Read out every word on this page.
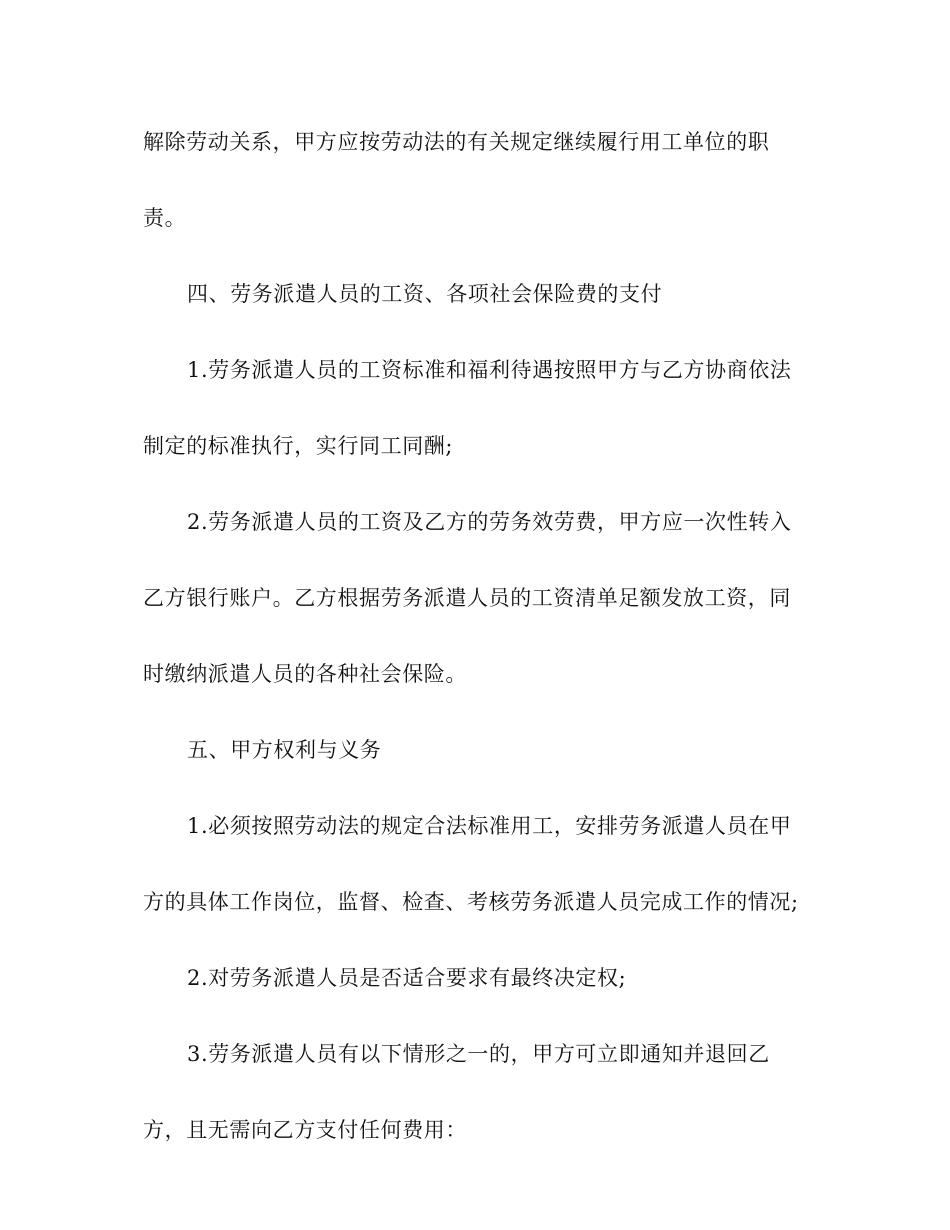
解除劳动关系，甲方应按劳动法的有关规定继续履行用工单位的职
责。
四、劳务派遣人员的工资、各项社会保险费的支付
1.劳务派遣人员的工资标准和福利待遇按照甲方与乙方协商依法
制定的标准执行，实行同工同酬;
2.劳务派遣人员的工资及乙方的劳务效劳费，甲方应一次性转入
乙方银行账户。乙方根据劳务派遣人员的工资清单足额发放工资，同
时缴纳派遣人员的各种社会保险。
五、甲方权利与义务
1.必须按照劳动法的规定合法标准用工，安排劳务派遣人员在甲
方的具体工作岗位，监督、检查、考核劳务派遣人员完成工作的情况;
2.对劳务派遣人员是否适合要求有最终决定权;
3.劳务派遣人员有以下情形之一的，甲方可立即通知并退回乙
方，且无需向乙方支付任何费用：
